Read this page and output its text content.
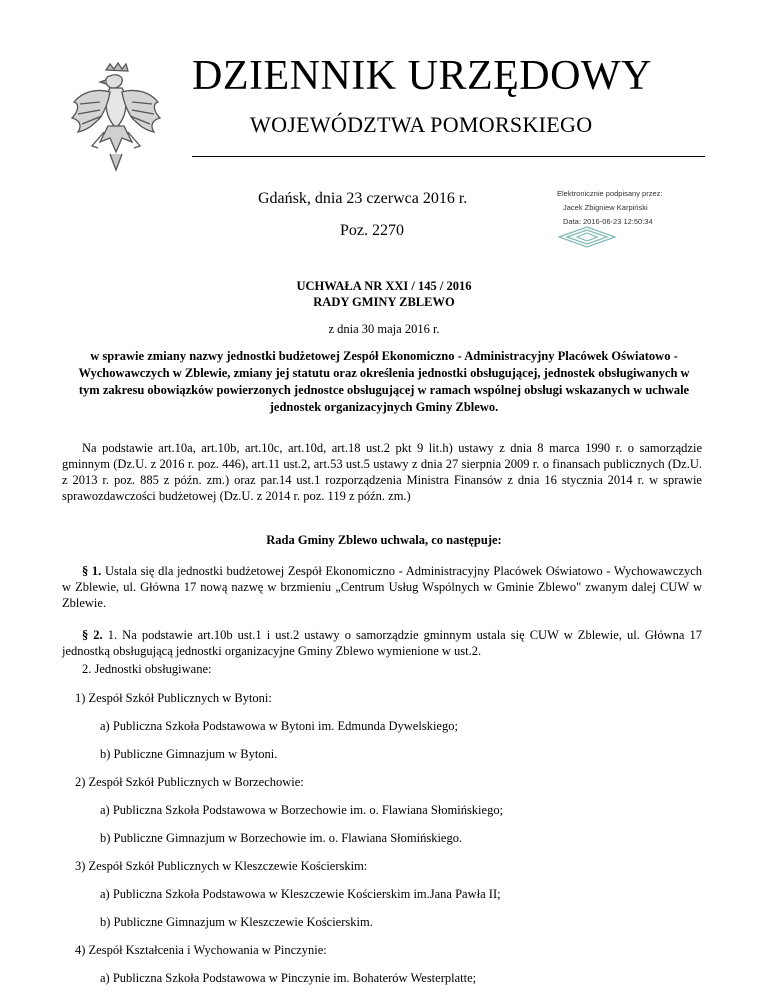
DZIENNIK URZĘDOWY
WOJEWÓDZTWA POMORSKIEGO
Gdańsk, dnia 23 czerwca 2016 r.
Poz. 2270
Elektronicznie podpisany przez:
Jacek Zbigniew Karpiński
Data: 2016-06-23 12:50:34
UCHWAŁA NR XXI / 145 / 2016
RADY GMINY ZBLEWO
z dnia 30 maja 2016 r.
w sprawie zmiany nazwy jednostki budżetowej Zespół Ekonomiczno - Administracyjny Placówek Oświatowo - Wychowawczych w Zblewie, zmiany jej statutu oraz określenia jednostki obsługującej, jednostek obsługiwanych w tym zakresu obowiązków powierzonych jednostce obsługującej w ramach wspólnej obsługi wskazanych w uchwale jednostek organizacyjnych Gminy Zblewo.
Na podstawie art.10a, art.10b, art.10c, art.10d, art.18 ust.2 pkt 9 lit.h) ustawy z dnia 8 marca 1990 r. o samorządzie gminnym (Dz.U. z 2016 r. poz. 446), art.11 ust.2, art.53 ust.5 ustawy z dnia 27 sierpnia 2009 r. o finansach publicznych (Dz.U. z 2013 r. poz. 885 z późn. zm.) oraz par.14 ust.1 rozporządzenia Ministra Finansów z dnia 16 stycznia 2014 r. w sprawie sprawozdawczości budżetowej (Dz.U. z 2014 r. poz. 119 z późn. zm.)
Rada Gminy Zblewo uchwala, co następuje:
§ 1. Ustala się dla jednostki budżetowej Zespół Ekonomiczno - Administracyjny Placówek Oświatowo - Wychowawczych w Zblewie, ul. Główna 17 nową nazwę w brzmieniu „Centrum Usług Wspólnych w Gminie Zblewo" zwanym dalej CUW w Zblewie.
§ 2. 1. Na podstawie art.10b ust.1 i ust.2 ustawy o samorządzie gminnym ustala się CUW w Zblewie, ul. Główna 17 jednostką obsługującą jednostki organizacyjne Gminy Zblewo wymienione w ust.2.
2. Jednostki obsługiwane:
1) Zespół Szkół Publicznych w Bytoni:
a) Publiczna Szkoła Podstawowa w Bytoni im. Edmunda Dywelskiego;
b) Publiczne Gimnazjum w Bytoni.
2) Zespół Szkół Publicznych w Borzechowie:
a) Publiczna Szkoła Podstawowa w Borzechowie im. o. Flawiana Słomińskiego;
b) Publiczne Gimnazjum w Borzechowie im. o. Flawiana Słomińskiego.
3) Zespół Szkół Publicznych w Kleszczewie Kościerskim:
a) Publiczna Szkoła Podstawowa w Kleszczewie Kościerskim im.Jana Pawła II;
b) Publiczne Gimnazjum w Kleszczewie Kościerskim.
4) Zespół Kształcenia i Wychowania w Pinczynie:
a) Publiczna Szkoła Podstawowa w Pinczynie im. Bohaterów Westerplatte;
